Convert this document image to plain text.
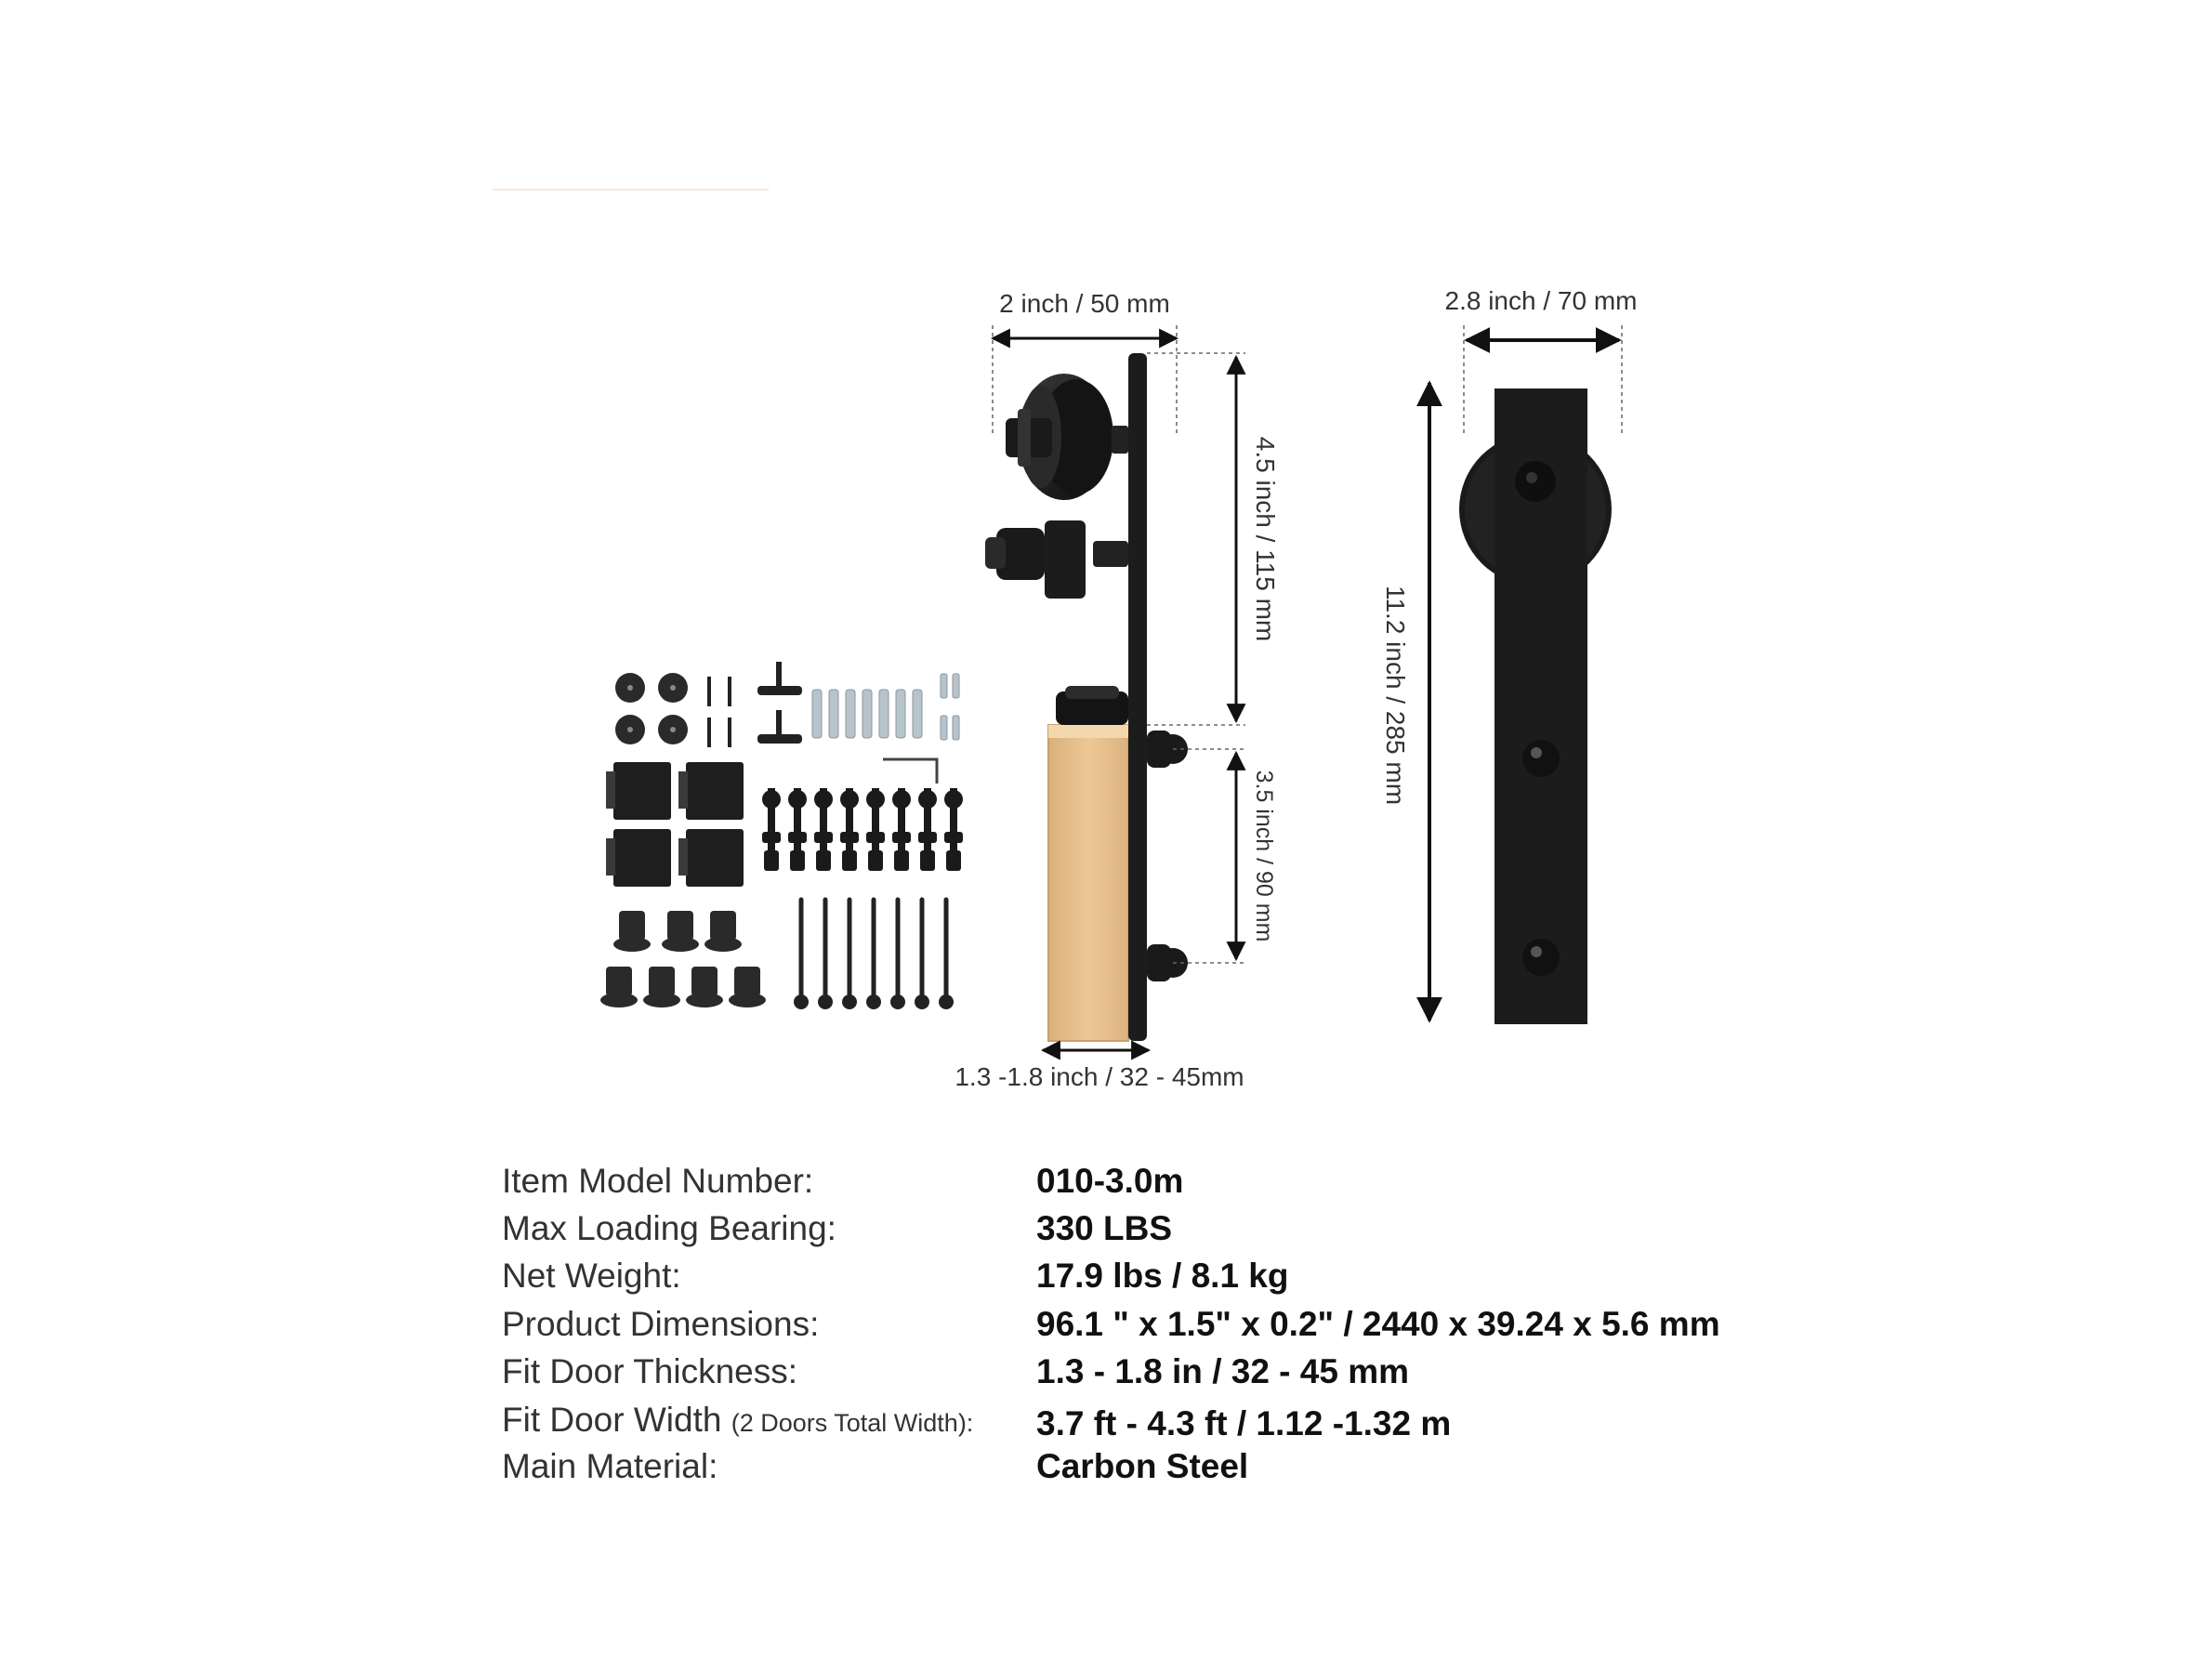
2 inch / 50 mm
4.5 inch / 115 mm
3.5 inch / 90 mm
1.3 -1.8 inch / 32 - 45mm
2.8 inch / 70 mm
11.2 inch / 285 mm
Item Model Number:	010-3.0m
Max Loading Bearing:	330 LBS
Net Weight:	17.9 lbs / 8.1 kg
Product Dimensions:	96.1 " x 1.5" x 0.2" / 2440 x 39.24 x 5.6 mm
Fit Door Thickness:	1.3 - 1.8 in / 32 - 45 mm
Fit Door Width (2 Doors Total Width): 3.7 ft - 4.3 ft / 1.12 -1.32 m
Main Material:	Carbon Steel
